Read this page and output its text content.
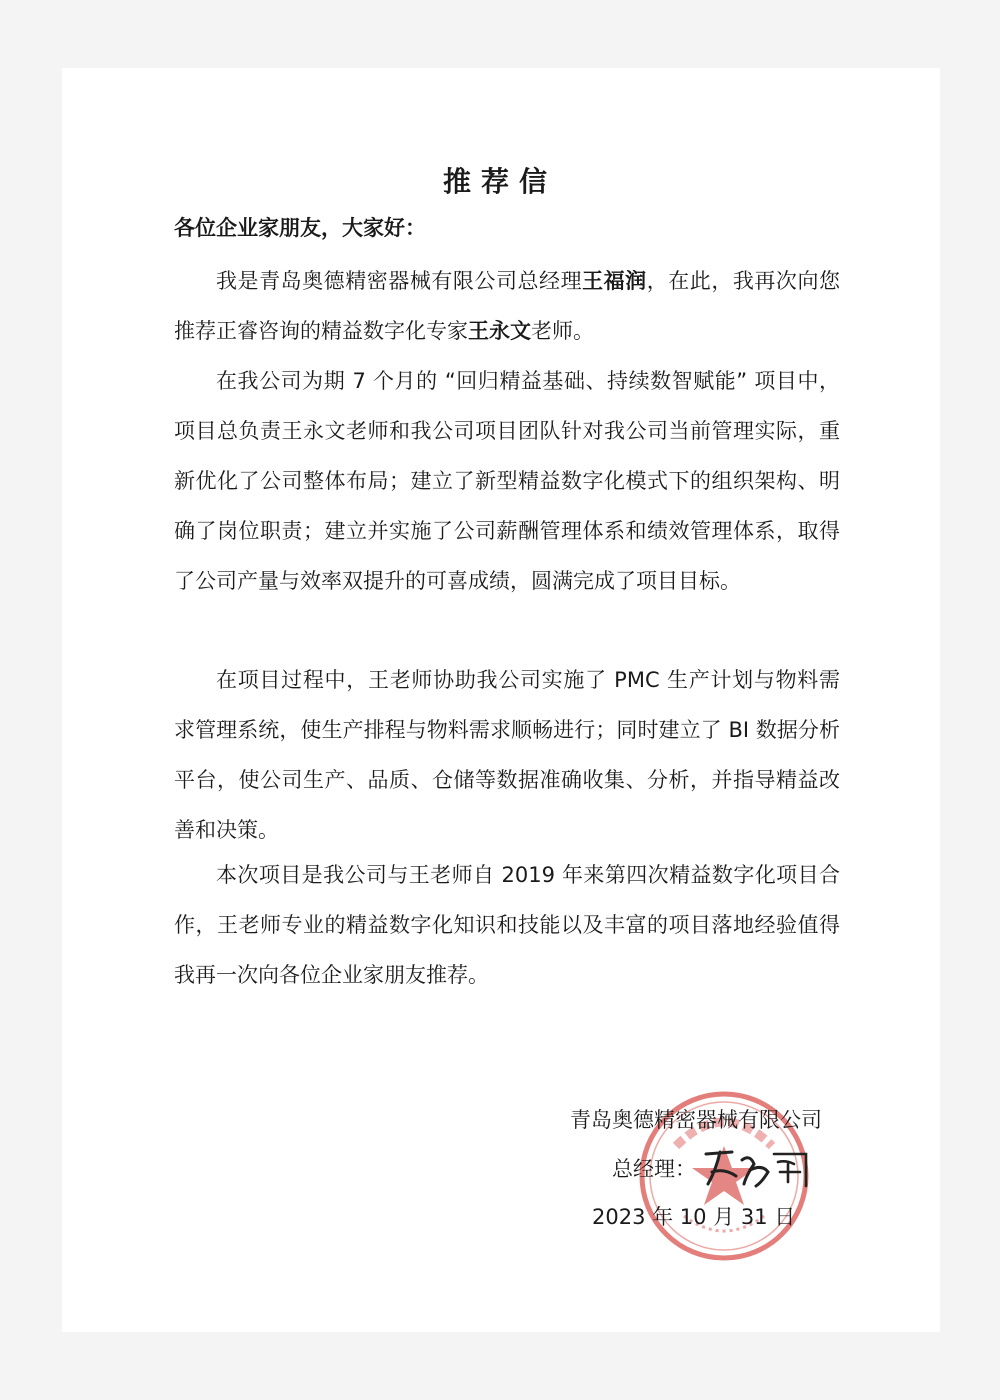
推荐信
各位企业家朋友，大家好：

我是青岛奥德精密器械有限公司总经理王福润，在此，我再次向您推荐正睿咨询的精益数字化专家王永文老师。

在我公司为期 7 个月的 “回归精益基础、持续数智赋能” 项目中，项目总负责王永文老师和我公司项目团队针对我公司当前管理实际，重新优化了公司整体布局；建立了新型精益数字化模式下的组织架构、明确了岗位职责；建立并实施了公司薪酬管理体系和绩效管理体系，取得了公司产量与效率双提升的可喜成绩，圆满完成了项目目标。

在项目过程中，王老师协助我公司实施了 PMC 生产计划与物料需求管理系统，使生产排程与物料需求顺畅进行；同时建立了 BI 数据分析平台，使公司生产、品质、仓储等数据准确收集、分析，并指导精益改善和决策。

本次项目是我公司与王老师自 2019 年来第四次精益数字化项目合作，王老师专业的精益数字化知识和技能以及丰富的项目落地经验值得我再一次向各位企业家朋友推荐。

青岛奥德精密器械有限公司
总经理：
2023 年 10 月 31 日
